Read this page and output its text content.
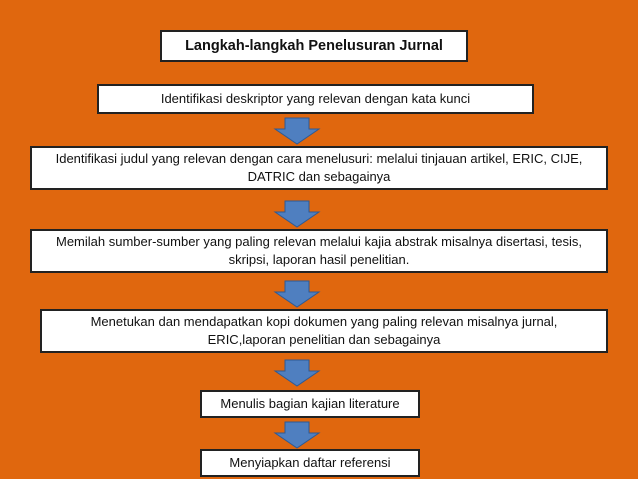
Langkah-langkah Penelusuran Jurnal
Identifikasi deskriptor yang relevan dengan kata kunci
Identifikasi judul yang relevan dengan cara menelusuri: melalui tinjauan artikel, ERIC, CIJE, DATRIC dan sebagainya
Memilah sumber-sumber yang paling relevan melalui kajia abstrak misalnya disertasi, tesis, skripsi, laporan hasil penelitian.
Menetukan dan mendapatkan kopi dokumen yang paling relevan misalnya jurnal, ERIC,laporan penelitian dan sebagainya
Menulis bagian kajian literature
Menyiapkan daftar referensi
